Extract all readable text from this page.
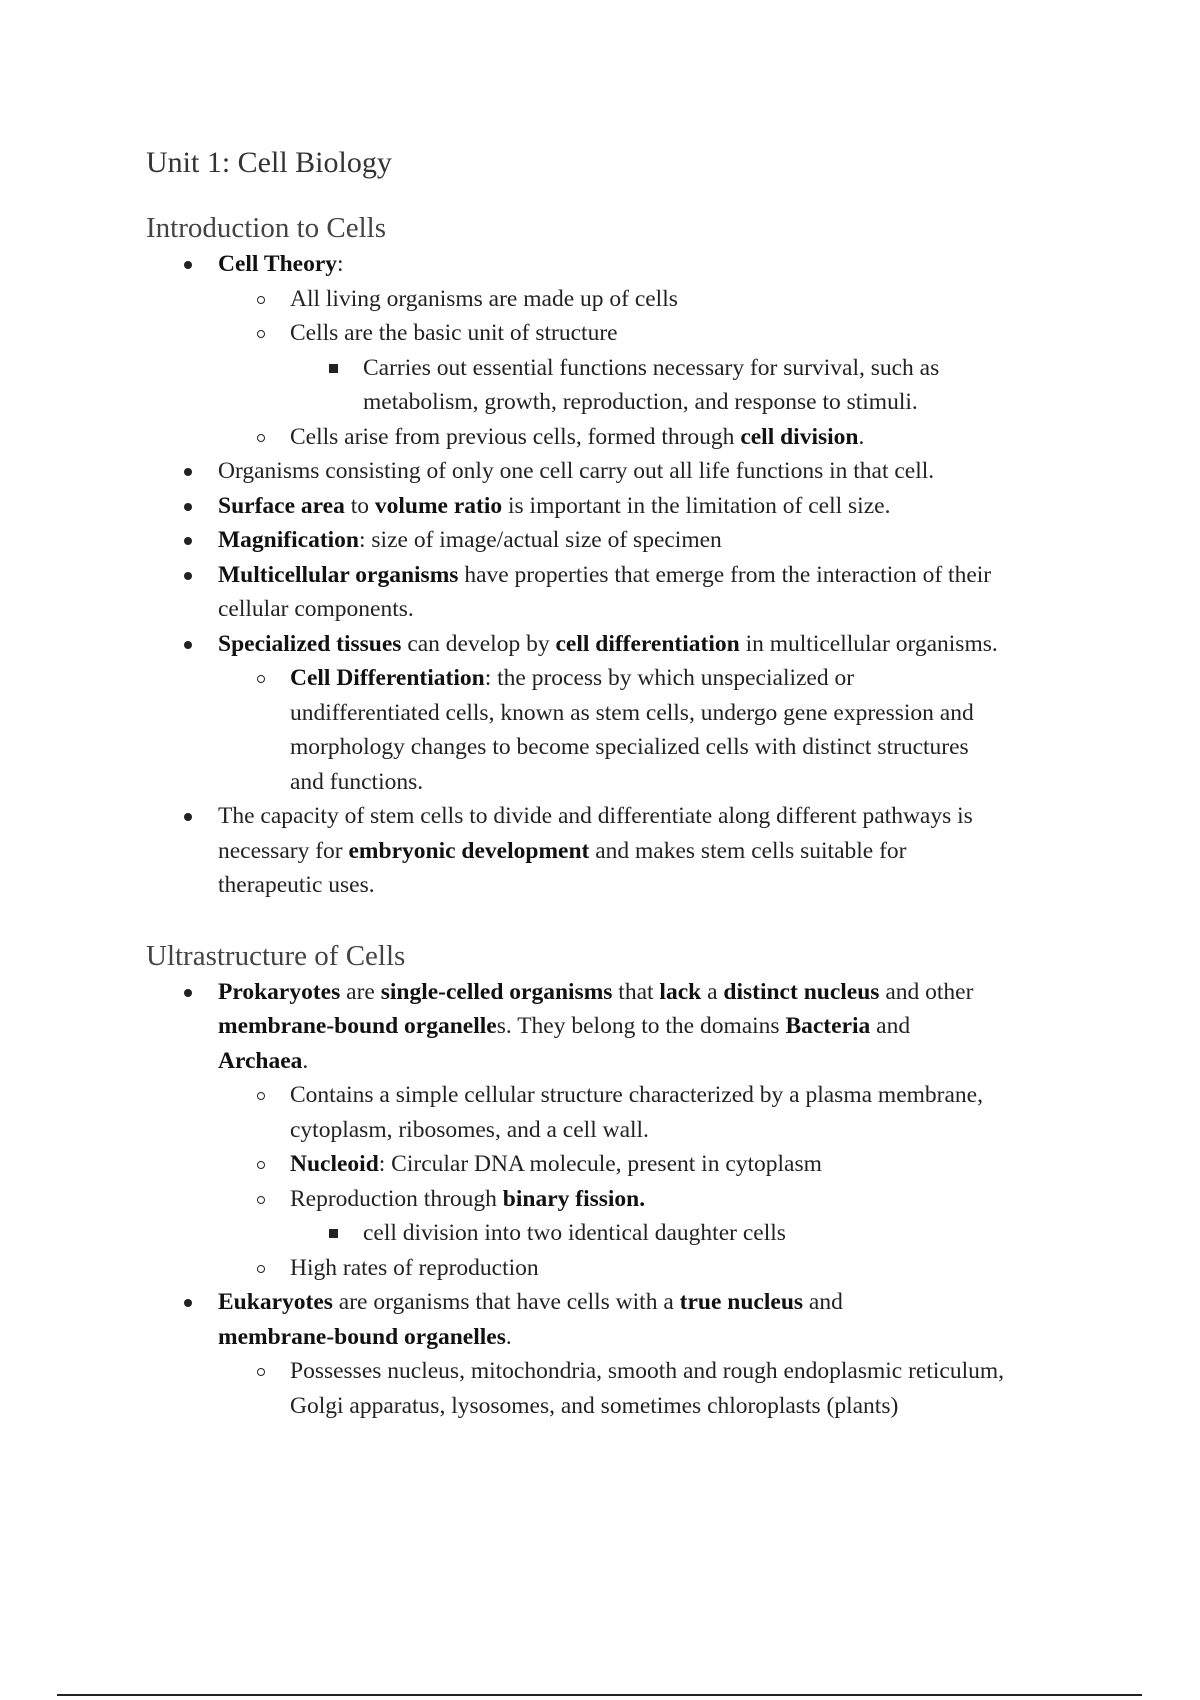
Unit 1: Cell Biology
Introduction to Cells
Cell Theory:
All living organisms are made up of cells
Cells are the basic unit of structure
Carries out essential functions necessary for survival, such as
metabolism, growth, reproduction, and response to stimuli.
Cells arise from previous cells, formed through cell division.
Organisms consisting of only one cell carry out all life functions in that cell.
Surface area to volume ratio is important in the limitation of cell size.
Magnification: size of image/actual size of specimen
Multicellular organisms have properties that emerge from the interaction of their
cellular components.
Specialized tissues can develop by cell differentiation in multicellular organisms.
Cell Differentiation: the process by which unspecialized or
undifferentiated cells, known as stem cells, undergo gene expression and
morphology changes to become specialized cells with distinct structures
and functions.
The capacity of stem cells to divide and differentiate along different pathways is
necessary for embryonic development and makes stem cells suitable for
therapeutic uses.
Ultrastructure of Cells
Prokaryotes are single-celled organisms that lack a distinct nucleus and other
membrane-bound organelles. They belong to the domains Bacteria and
Archaea.
Contains a simple cellular structure characterized by a plasma membrane,
cytoplasm, ribosomes, and a cell wall.
Nucleoid: Circular DNA molecule, present in cytoplasm
Reproduction through binary fission.
cell division into two identical daughter cells
High rates of reproduction
Eukaryotes are organisms that have cells with a true nucleus and
membrane-bound organelles.
Possesses nucleus, mitochondria, smooth and rough endoplasmic reticulum,
Golgi apparatus, lysosomes, and sometimes chloroplasts (plants)
